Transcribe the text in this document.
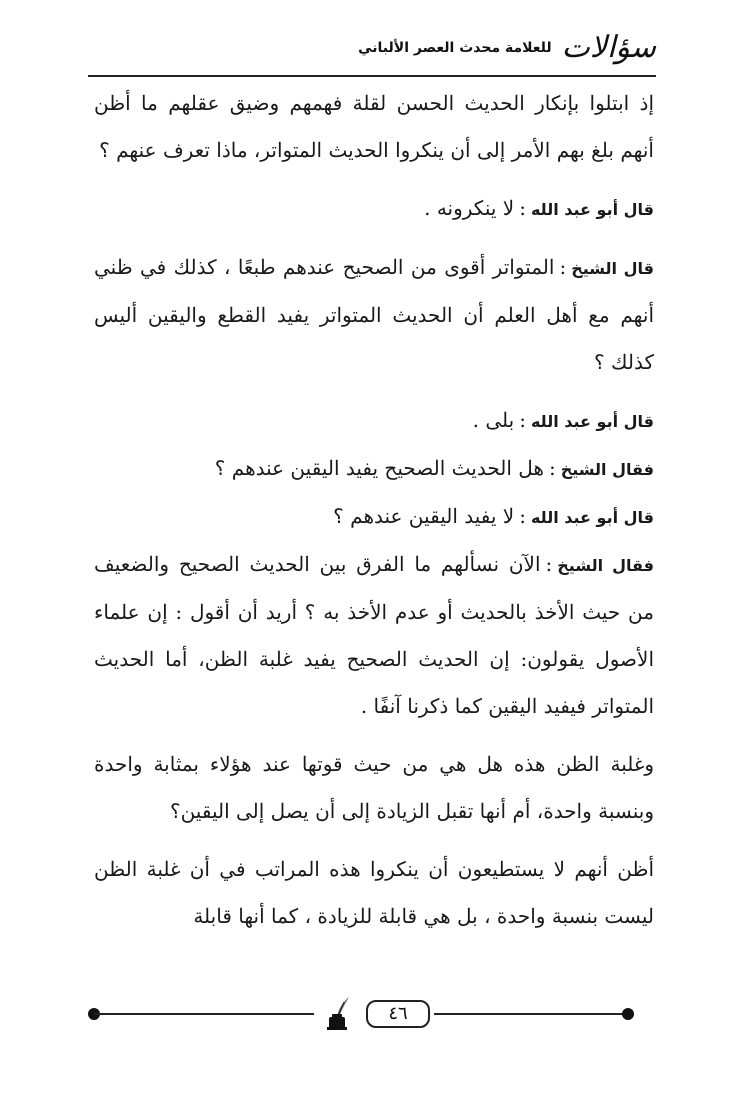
سؤالات
للعلامة محدث العصر الألباني

إذ ابتلوا بإنكار الحديث الحسن لقلة فهمهم وضيق عقلهم ما أظن أنهم بلغ بهم الأمر إلى أن ينكروا الحديث المتواتر، ماذا تعرف عنهم ؟

قال أبو عبد الله:لا ينكرونه .

قال الشيخ:المتواتر أقوى من الصحيح عندهم طبعًا ، كذلك في ظني أنهم مع أهل العلم أن الحديث المتواتر يفيد القطع واليقين أليس كذلك ؟

قال أبو عبد الله:بلى .

فقال الشيخ:هل الحديث الصحيح يفيد اليقين عندهم ؟

قال أبو عبد الله:لا يفيد اليقين عندهم ؟

فقال الشيخ:الآن نسألهم ما الفرق بين الحديث الصحيح والضعيف من حيث الأخذ بالحديث أو عدم الأخذ به ؟ أريد أن أقول : إن علماء الأصول يقولون: إن الحديث الصحيح يفيد غلبة الظن، أما الحديث المتواتر فيفيد اليقين كما ذكرنا آنفًا .

وغلبة الظن هذه هل هي من حيث قوتها عند هؤلاء بمثابة واحدة وبنسبة واحدة، أم أنها تقبل الزيادة إلى أن يصل إلى اليقين؟

أظن أنهم لا يستطيعون أن ينكروا هذه المراتب في أن غلبة الظن ليست بنسبة واحدة ، بل هي قابلة للزيادة ، كما أنها قابلة

٤٦
